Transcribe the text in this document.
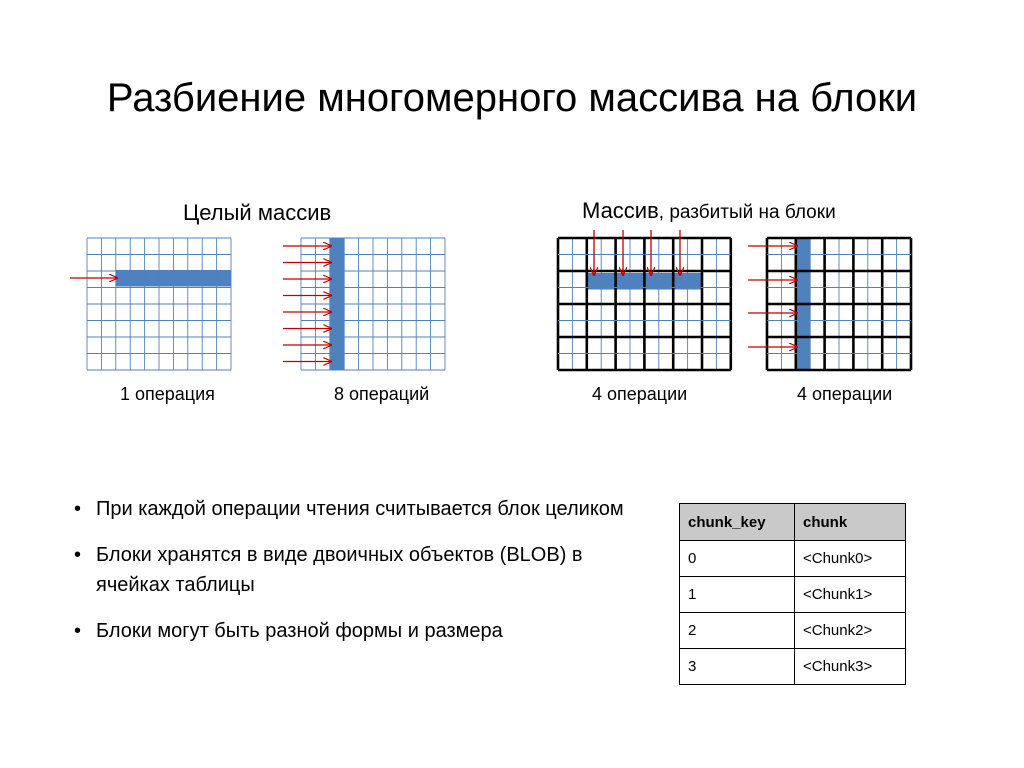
Разбиение многомерного массива на блоки
Целый массив	Массив, разбитый на блоки
1 операция	8 операций	4 операции	4 операции
• При каждой операции чтения считывается блок целиком
• Блоки хранятся в виде двоичных объектов (BLOB) в ячейках таблицы
• Блоки могут быть разной формы и размера
chunk_key	chunk
0	<Chunk0>
1	<Chunk1>
2	<Chunk2>
3	<Chunk3>
